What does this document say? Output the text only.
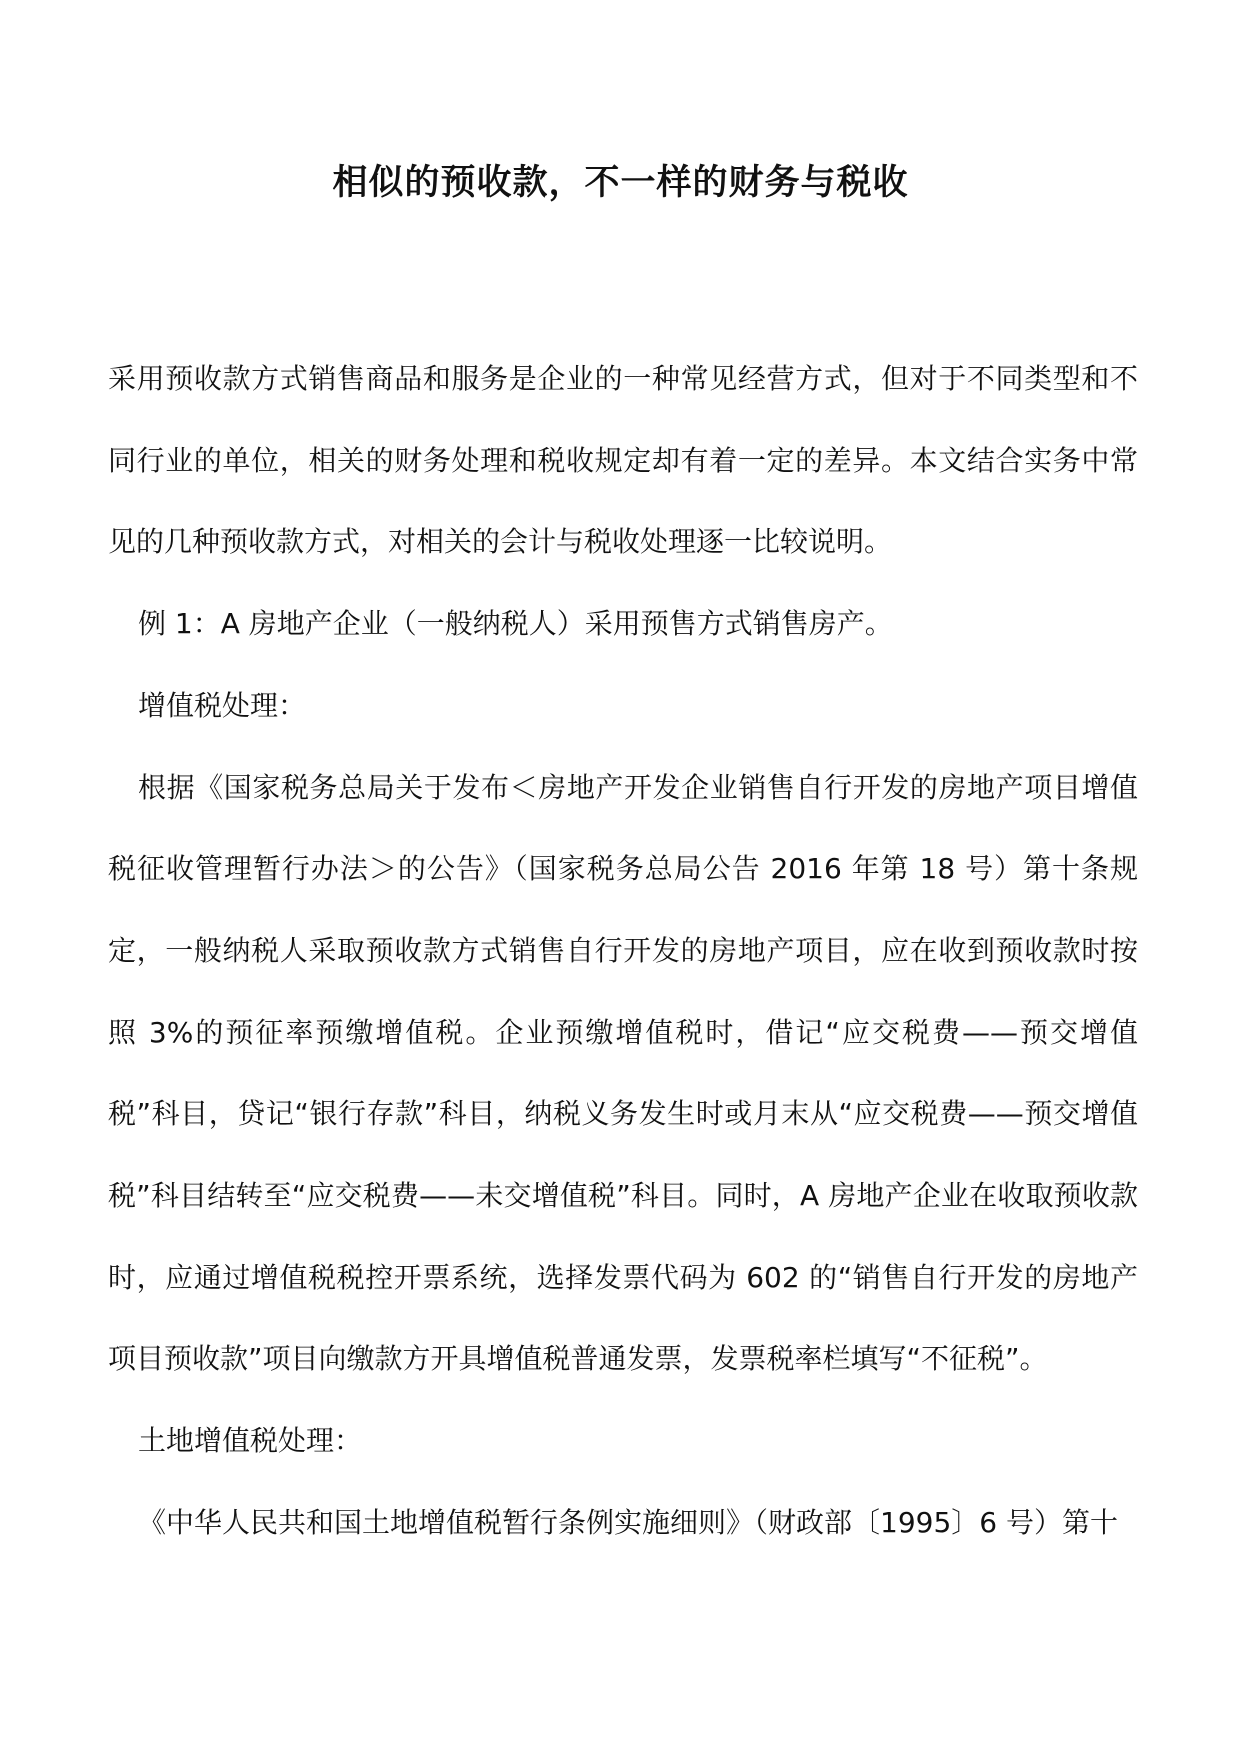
相似的预收款，不一样的财务与税收

采用预收款方式销售商品和服务是企业的一种常见经营方式，但对于不同类型和不同行业的单位，相关的财务处理和税收规定却有着一定的差异。本文结合实务中常见的几种预收款方式，对相关的会计与税收处理逐一比较说明。

例 1：A 房地产企业（一般纳税人）采用预售方式销售房产。

增值税处理：

根据《国家税务总局关于发布＜房地产开发企业销售自行开发的房地产项目增值税征收管理暂行办法＞的公告》（国家税务总局公告 2016 年第 18 号）第十条规定，一般纳税人采取预收款方式销售自行开发的房地产项目，应在收到预收款时按照 3%的预征率预缴增值税。企业预缴增值税时，借记“应交税费——预交增值税”科目，贷记“银行存款”科目，纳税义务发生时或月末从“应交税费——预交增值税”科目结转至“应交税费——未交增值税”科目。同时，A 房地产企业在收取预收款时，应通过增值税税控开票系统，选择发票代码为 602 的“销售自行开发的房地产项目预收款”项目向缴款方开具增值税普通发票，发票税率栏填写“不征税”。

土地增值税处理：

《中华人民共和国土地增值税暂行条例实施细则》（财政部〔1995〕6 号）第十
